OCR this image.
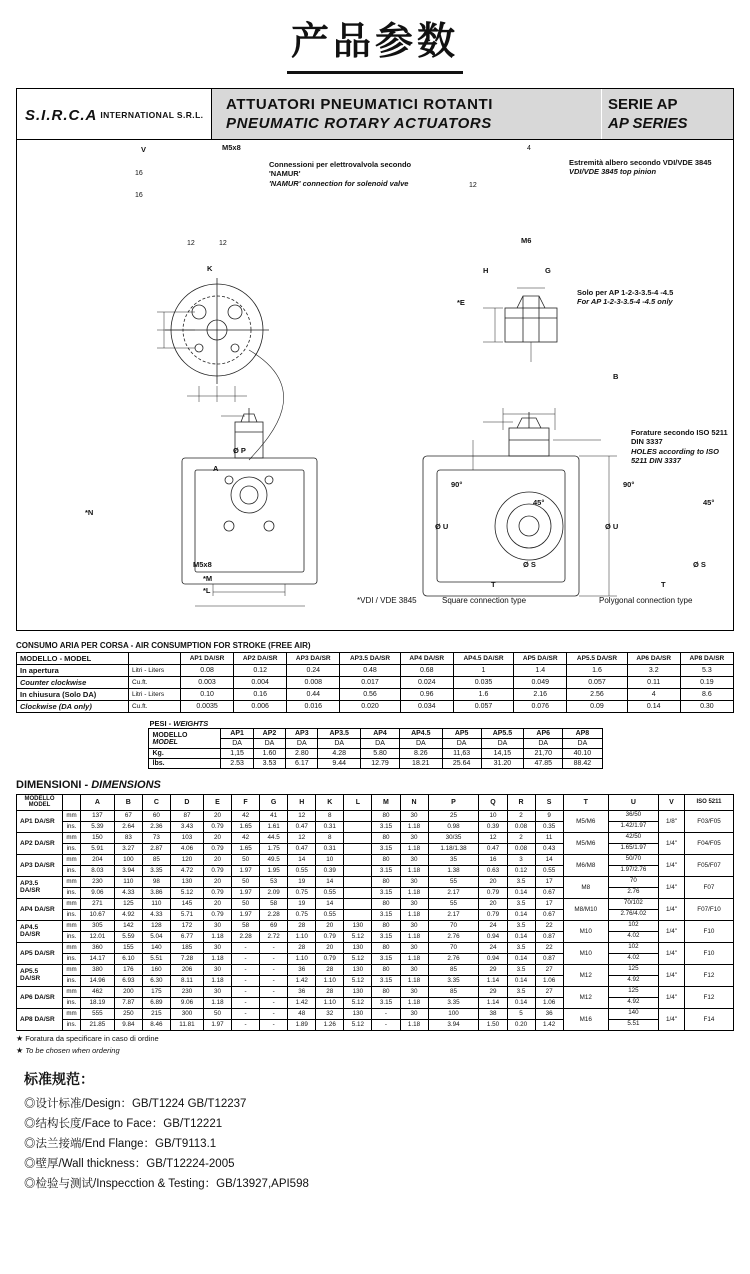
产品参数
S.I.R.C.A INTERNATIONAL S.R.L.
ATTUATORI PNEUMATICI ROTANTI
PNEUMATIC ROTARY ACTUATORS
SERIE AP
AP SERIES
Connessioni per elettrovalvola secondo 'NAMUR'
'NAMUR' connection for solenoid valve
Estremità albero secondo VDI/VDE 3845
VDI/VDE 3845 top pinion
Solo per AP 1-2-3-3.5-4 -4.5
For AP 1-2-3-3.5-4 -4.5 only
Forature secondo ISO 5211 DIN 3337
HOLES according to ISO 5211 DIN 3337
*VDI / VDE 3845	Square connection type	Polygonal connection type
V	M5x8
16
16
12	12
4
12
M6
K	H	G
*E
B
A
Ø P
90°
45°
Ø U
T
Ø S
90°
45°
Ø U
T
Ø S
*N
*M
*L
M5x8
CONSUMO ARIA PER CORSA - AIR CONSUMPTION FOR STROKE (FREE AIR)
MODELLO - MODEL		AP1 DA/SR	AP2 DA/SR	AP3 DA/SR	AP3.5 DA/SR	AP4 DA/SR	AP4.5 DA/SR	AP5 DA/SR	AP5.5 DA/SR	AP6 DA/SR	AP8 DA/SR
In apertura	Litri - Liters	0.08	0.12	0.24	0.48	0.68	1	1.4	1.6	3.2	5.3
Counter clockwise	Cu.ft.	0.003	0.004	0.008	0.017	0.024	0.035	0.049	0.057	0.11	0.19
In chiusura (Solo DA)	Litri - Liters	0.10	0.16	0.44	0.56	0.96	1.6	2.16	2.56	4	8.6
Clockwise (DA only)	Cu.ft.	0.0035	0.006	0.016	0.020	0.034	0.057	0.076	0.09	0.14	0.30
PESI - WEIGHTS
MODELLO
MODEL	AP1	AP2	AP3	AP3.5	AP4	AP4.5	AP5	AP5.5	AP6	AP8
	DA	DA	DA	DA	DA	DA	DA	DA	DA	DA
Kg.	1,15	1.60	2.80	4.28	5.80	8.26	11,63	14,15	21,70	40.10
lbs.	2.53	3.53	6.17	9.44	12.79	18.21	25.64	31.20	47.85	88.42
DIMENSIONI - DIMENSIONS
MODELLO
MODEL		A	B	C	D	E	F	G	H	K	L	M	N	P	Q	R	S	T	U	V	ISO 5211
AP1 DA/SR	mm	137	67	60	87	20	42	41	12	8		80	30	25	10	2	9	M5/M6	36/50	1/8"	F03/F05
	ins.	5.39	2.64	2.36	3.43	0.79	1.65	1.61	0.47	0.31		3.15	1.18	0.98	0.39	0.08	0.35		1.42/1.97		
AP2 DA/SR	mm	150	83	73	103	20	42	44.5	12	8		80	30	30/35	12	2	11	M5/M6	42/50	1/4"	F04/F05
	ins.	5.91	3.27	2.87	4.06	0.79	1.65	1.75	0.47	0.31		3.15	1.18	1.18/1.38	0.47	0.08	0.43		1.65/1.97		
AP3 DA/SR	mm	204	100	85	120	20	50	49.5	14	10		80	30	35	16	3	14	M6/M8	50/70	1/4"	F05/F07
	ins.	8.03	3.94	3.35	4.72	0.79	1.97	1.95	0.55	0.39		3.15	1.18	1.38	0.63	0.12	0.55		1.97/2.76		
AP3.5 DA/SR	mm	230	110	98	130	20	50	53	19	14		80	30	55	20	3.5	17	M8	70	1/4"	F07
	ins.	9.06	4.33	3.86	5.12	0.79	1.97	2.09	0.75	0.55		3.15	1.18	2.17	0.79	0.14	0.67		2.76		
AP4 DA/SR	mm	271	125	110	145	20	50	58	19	14		80	30	55	20	3.5	17	M8/M10	70/102	1/4"	F07/F10
	ins.	10.67	4.92	4.33	5.71	0.79	1.97	2.28	0.75	0.55		3.15	1.18	2.17	0.79	0.14	0.67		2.76/4.02		
AP4.5 DA/SR	mm	305	142	128	172	30	58	69	28	20	130	80	30	70	24	3.5	22	M10	102	1/4"	F10
	ins.	12.01	5.59	5.04	6.77	1.18	2.28	2.72	1.10	0.79	5.12	3.15	1.18	2.76	0.94	0.14	0.87		4.02		
AP5 DA/SR	mm	360	155	140	185	30	-	-	28	20	130	80	30	70	24	3.5	22	M10	102	1/4"	F10
	ins.	14.17	6.10	5.51	7.28	1.18	-	-	1.10	0.79	5.12	3.15	1.18	2.76	0.94	0.14	0.87		4.02		
AP5.5 DA/SR	mm	380	176	160	206	30	-	-	36	28	130	80	30	85	29	3.5	27	M12	125	1/4"	F12
	ins.	14.96	6.93	6.30	8.11	1.18	-	-	1.42	1.10	5.12	3.15	1.18	3.35	1.14	0.14	1.06		4.92		
AP6 DA/SR	mm	462	200	175	230	30	-	-	36	28	130	80	30	85	29	3.5	27	M12	125	1/4"	F12
	ins.	18.19	7.87	6.89	9.06	1.18	-	-	1.42	1.10	5.12	3.15	1.18	3.35	1.14	0.14	1.06		4.92		
AP8 DA/SR	mm	555	250	215	300	50	-	-	48	32	130	-	30	100	38	5	36	M16	140	1/4"	F14
	ins.	21.85	9.84	8.46	11.81	1.97	-	-	1.89	1.26	5.12	-	1.18	3.94	1.50	0.20	1.42		5.51		
★ Foratura da specificare in caso di ordine
★ To be chosen when ordering
标准规范：
◎设计标准/Design：GB/T1224 GB/T12237
◎结构长度/Face to Face：GB/T12221
◎法兰接端/End Flange：GB/T9113.1
◎壁厚/Wall thickness：GB/T12224-2005
◎检验与测试/Inspecction & Testing：GB/13927,API598
